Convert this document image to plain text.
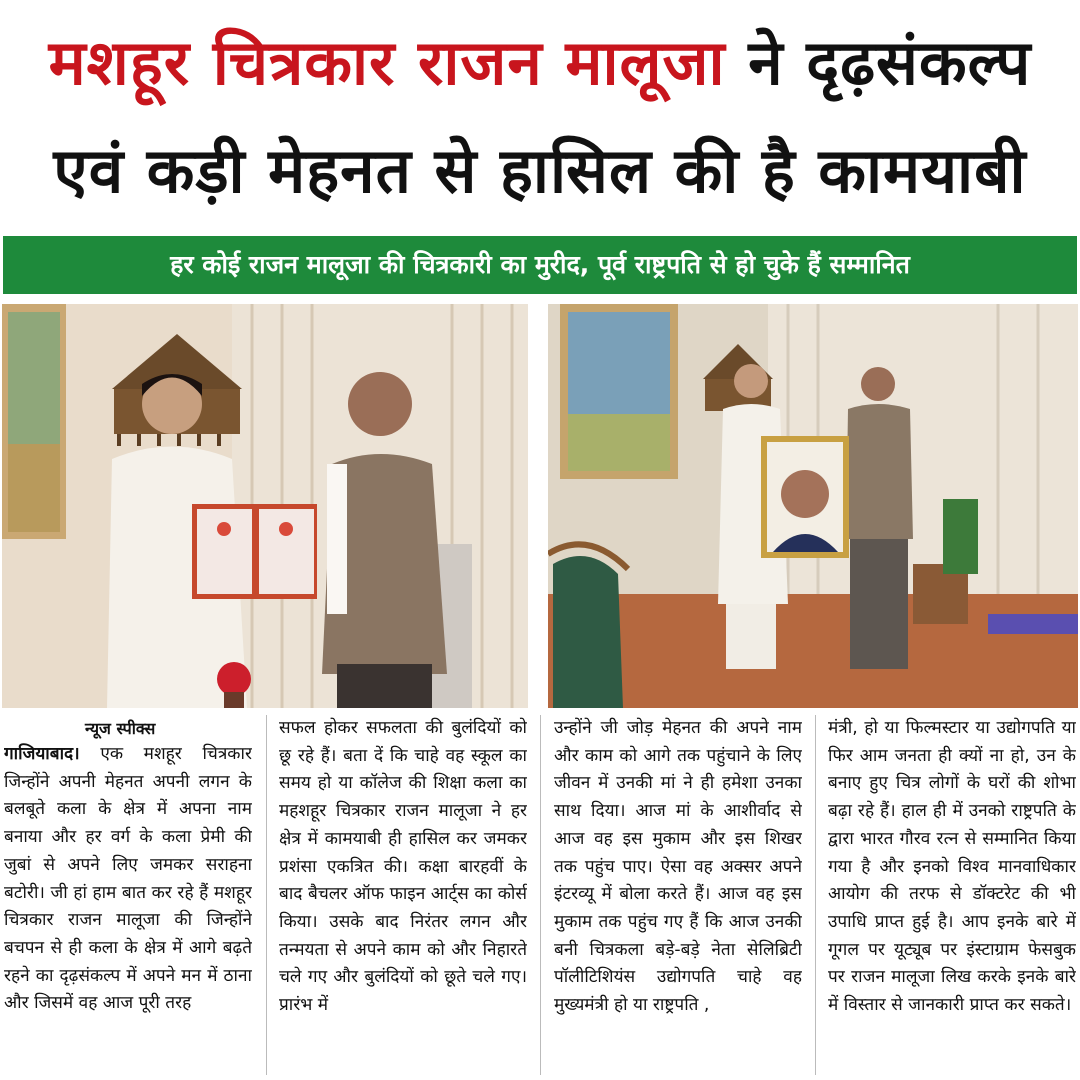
मशहूर चित्रकार राजन मालूजा ने दृढ़संकल्प
एवं कड़ी मेहनत से हासिल की है कामयाबी
हर कोई राजन मालूजा की चित्रकारी का मुरीद, पूर्व राष्ट्रपति से हो चुके हैं सम्मानित
न्यूज स्पीक्स

गाजियाबाद। एक मशहूर चित्रकार जिन्होंने अपनी मेहनत अपनी लगन के बलबूते कला के क्षेत्र में अपना नाम बनाया और हर वर्ग के कला प्रेमी की जुबां से अपने लिए जमकर सराहना बटोरी। जी हां हाम बात कर रहे हैं मशहूर चित्रकार राजन मालूजा की जिन्होंने बचपन से ही कला के क्षेत्र में आगे बढ़ते रहने का दृढ़संकल्प में अपने मन में ठाना और जिसमें वह आज पूरी तरह

सफल होकर सफलता की बुलंदियों को छू रहे हैं। बता दें कि चाहे वह स्कूल का समय हो या कॉलेज की शिक्षा कला का महशहूर चित्रकार राजन मालूजा ने हर क्षेत्र में कामयाबी ही हासिल कर जमकर प्रशंसा एकत्रित की। कक्षा बारहवीं के बाद बैचलर ऑफ फाइन आर्ट्स का कोर्स किया। उसके बाद निरंतर लगन और तन्मयता से अपने काम को और निहारते चले गए और बुलंदियों को छूते चले गए। प्रारंभ में

उन्होंने जी जोड़ मेहनत की अपने नाम और काम को आगे तक पहुंचाने के लिए जीवन में उनकी मां ने ही हमेशा उनका साथ दिया। आज मां के आशीर्वाद से आज वह इस मुकाम और इस शिखर तक पहुंच पाए। ऐसा वह अक्सर अपने इंटरव्यू में बोला करते हैं। आज वह इस मुकाम तक पहुंच गए हैं कि आज उनकी बनी चित्रकला बड़े-बड़े नेता सेलिब्रिटी पॉलीटिशियंस उद्योगपति चाहे वह मुख्यमंत्री हो या राष्ट्रपति ,

मंत्री, हो या फिल्मस्टार या उद्योगपति या फिर आम जनता ही क्यों ना हो, उन के बनाए हुए चित्र लोगों के घरों की शोभा बढ़ा रहे हैं। हाल ही में उनको राष्ट्रपति के द्वारा भारत गौरव रत्न से सम्मानित किया गया है और इनको विश्व मानवाधिकार आयोग की तरफ से डॉक्टरेट की भी उपाधि प्राप्त हुई है। आप इनके बारे में गूगल पर यूट्यूब पर इंस्टाग्राम फेसबुक पर राजन मालूजा लिख करके इनके बारे में विस्तार से जानकारी प्राप्त कर सकते।
